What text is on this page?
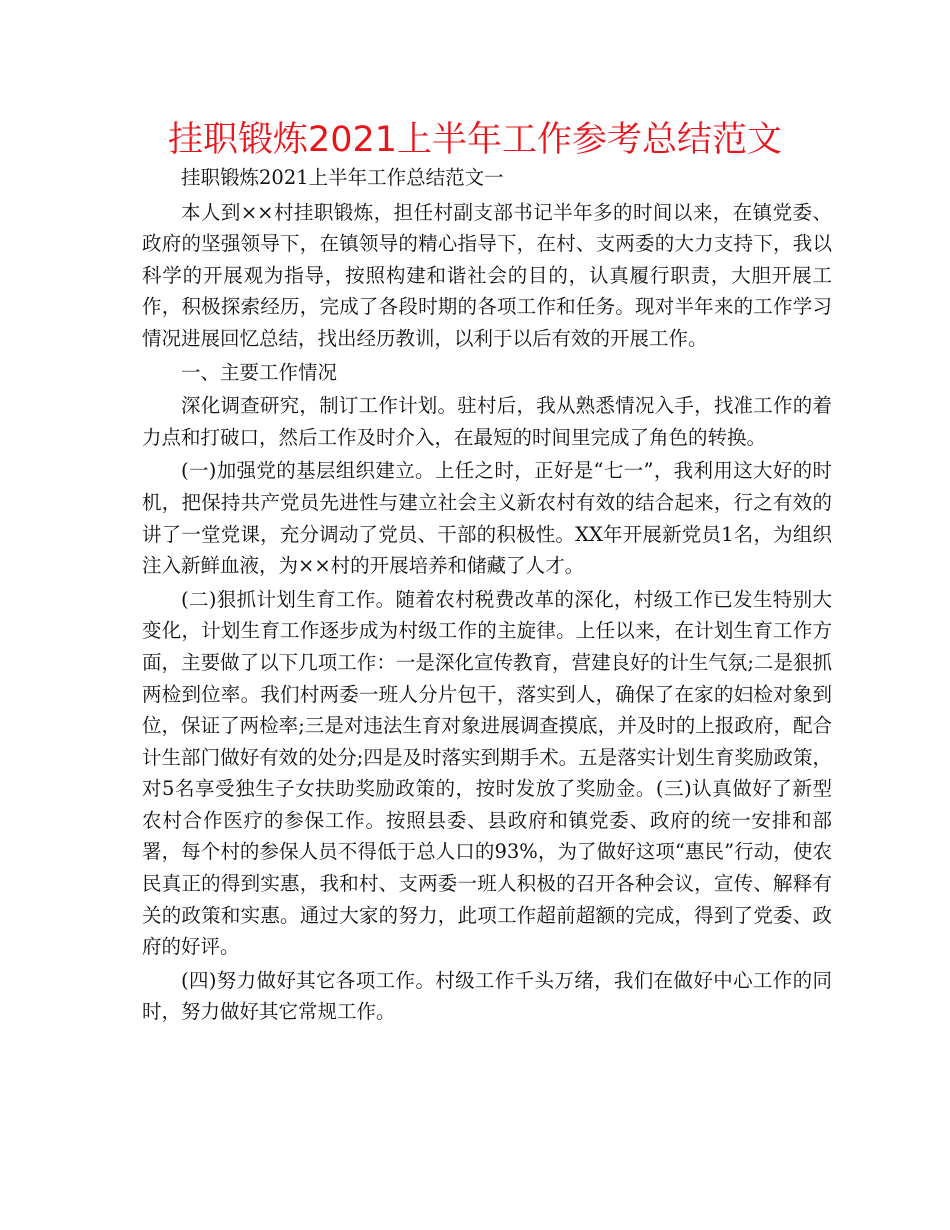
挂职锻炼2021上半年工作参考总结范文

挂职锻炼2021上半年工作总结范文一

本人到××村挂职锻炼，担任村副支部书记半年多的时间以来，在镇党委、政府的坚强领导下，在镇领导的精心指导下，在村、支两委的大力支持下，我以科学的开展观为指导，按照构建和谐社会的目的，认真履行职责，大胆开展工作，积极探索经历，完成了各段时期的各项工作和任务。现对半年来的工作学习情况进展回忆总结，找出经历教训，以利于以后有效的开展工作。

一、主要工作情况

深化调查研究，制订工作计划。驻村后，我从熟悉情况入手，找准工作的着力点和打破口，然后工作及时介入，在最短的时间里完成了角色的转换。

(一)加强党的基层组织建立。上任之时，正好是“七一”，我利用这大好的时机，把保持共产党员先进性与建立社会主义新农村有效的结合起来，行之有效的讲了一堂党课，充分调动了党员、干部的积极性。XX年开展新党员1名，为组织注入新鲜血液，为××村的开展培养和储藏了人才。

(二)狠抓计划生育工作。随着农村税费改革的深化，村级工作已发生特别大变化，计划生育工作逐步成为村级工作的主旋律。上任以来，在计划生育工作方面，主要做了以下几项工作：一是深化宣传教育，营建良好的计生气氛;二是狠抓两检到位率。我们村两委一班人分片包干，落实到人，确保了在家的妇检对象到位，保证了两检率;三是对违法生育对象进展调查摸底，并及时的上报政府，配合计生部门做好有效的处分;四是及时落实到期手术。五是落实计划生育奖励政策，对5名享受独生子女扶助奖励政策的，按时发放了奖励金。(三)认真做好了新型农村合作医疗的参保工作。按照县委、县政府和镇党委、政府的统一安排和部署，每个村的参保人员不得低于总人口的93%，为了做好这项“惠民”行动，使农民真正的得到实惠，我和村、支两委一班人积极的召开各种会议，宣传、解释有关的政策和实惠。通过大家的努力，此项工作超前超额的完成，得到了党委、政府的好评。

(四)努力做好其它各项工作。村级工作千头万绪，我们在做好中心工作的同时，努力做好其它常规工作。
